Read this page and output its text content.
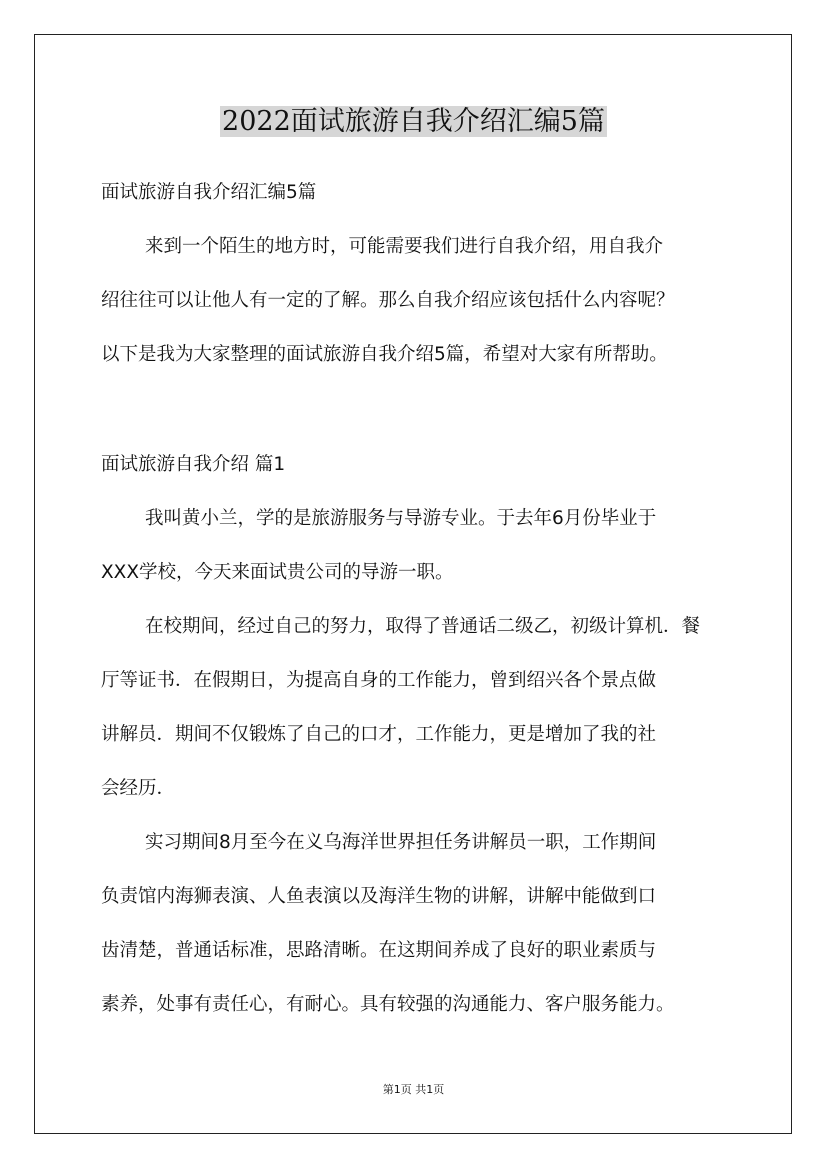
2022面试旅游自我介绍汇编5篇
面试旅游自我介绍汇编5篇
来到一个陌生的地方时，可能需要我们进行自我介绍，用自我介
绍往往可以让他人有一定的了解。那么自我介绍应该包括什么内容呢？
以下是我为大家整理的面试旅游自我介绍5篇，希望对大家有所帮助。
面试旅游自我介绍 篇1
我叫黄小兰，学的是旅游服务与导游专业。于去年6月份毕业于
XXX学校，今天来面试贵公司的导游一职。
在校期间，经过自己的努力，取得了普通话二级乙，初级计算机．餐
厅等证书．在假期日，为提高自身的工作能力，曾到绍兴各个景点做
讲解员．期间不仅锻炼了自己的口才，工作能力，更是增加了我的社
会经历．
实习期间8月至今在义乌海洋世界担任务讲解员一职，工作期间
负责馆内海狮表演、人鱼表演以及海洋生物的讲解，讲解中能做到口
齿清楚，普通话标准，思路清晰。在这期间养成了良好的职业素质与
素养，处事有责任心，有耐心。具有较强的沟通能力、客户服务能力。
第1页 共1页
